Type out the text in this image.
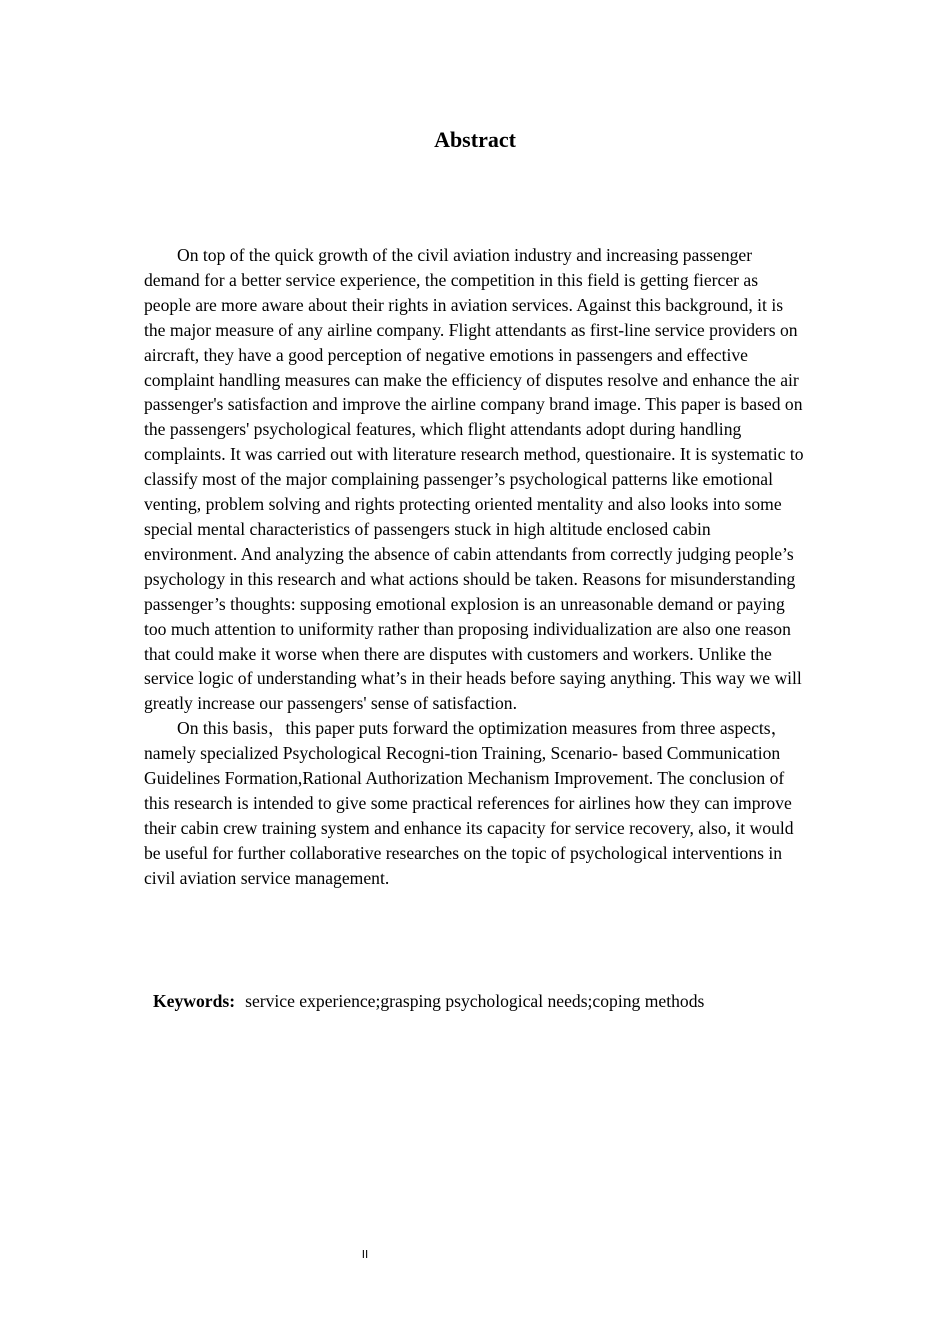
Abstract

On top of the quick growth of the civil aviation industry and increasing passenger demand for a better service experience, the competition in this field is getting fiercer as people are more aware about their rights in aviation services. Against this background, it is the major measure of any airline company. Flight attendants as first-line service providers on aircraft, they have a good perception of negative emotions in passengers and effective complaint handling measures can make the efficiency of disputes resolve and enhance the air passenger's satisfaction and improve the airline company brand image. This paper is based on the passengers' psychological features, which flight attendants adopt during handling complaints. It was carried out with literature research method, questionaire. It is systematic to classify most of the major complaining passenger’s psychological patterns like emotional venting, problem solving and rights protecting oriented mentality and also looks into some special mental characteristics of passengers stuck in high altitude enclosed cabin environment. And analyzing the absence of cabin attendants from correctly judging people’s psychology in this research and what actions should be taken. Reasons for misunderstanding passenger’s thoughts: supposing emotional explosion is an unreasonable demand or paying too much attention to uniformity rather than proposing individualization are also one reason that could make it worse when there are disputes with customers and workers. Unlike the service logic of understanding what’s in their heads before saying anything. This way we will greatly increase our passengers' sense of satisfaction.

On this basis，this paper puts forward the optimization measures from three aspects，namely specialized Psychological Recogni-tion Training, Scenario- based Communication Guidelines Formation,Rational Authorization Mechanism Improvement. The conclusion of this research is intended to give some practical references for airlines how they can improve their cabin crew training system and enhance its capacity for service recovery, also, it would be useful for further collaborative researches on the topic of psychological interventions in civil aviation service management.

Keywords: service experience;grasping psychological needs;coping methods
II
